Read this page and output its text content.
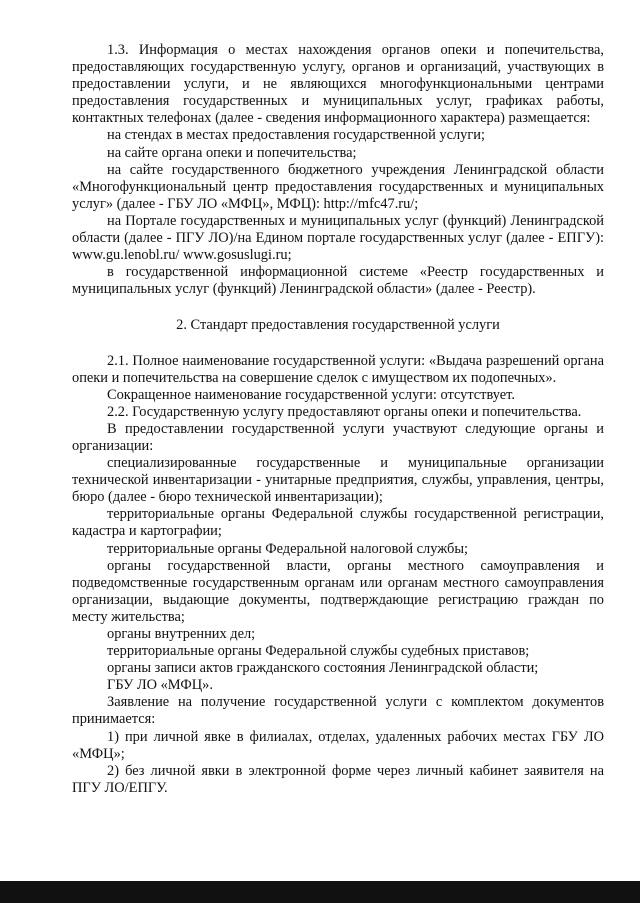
1.3. Информация о местах нахождения органов опеки и попечительства, предоставляющих государственную услугу, органов и организаций, участвующих в предоставлении услуги, и не являющихся многофункциональными центрами предоставления государственных и муниципальных услуг, графиках работы, контактных телефонах (далее - сведения информационного характера) размещается:

на стендах в местах предоставления государственной услуги;

на сайте органа опеки и попечительства;

на сайте государственного бюджетного учреждения Ленинградской области «Многофункциональный центр предоставления государственных и муниципальных услуг» (далее - ГБУ ЛО «МФЦ», МФЦ): http://mfc47.ru/;

на Портале государственных и муниципальных услуг (функций) Ленинградской области (далее - ПГУ ЛО)/на Едином портале государственных услуг (далее - ЕПГУ): www.gu.lenobl.ru/ www.gosuslugi.ru;

в государственной информационной системе «Реестр государственных и муниципальных услуг (функций) Ленинградской области» (далее - Реестр).

2. Стандарт предоставления государственной услуги

2.1. Полное наименование государственной услуги: «Выдача разрешений органа опеки и попечительства на совершение сделок с имуществом их подопечных».

Сокращенное наименование государственной услуги: отсутствует.

2.2. Государственную услугу предоставляют органы опеки и попечительства.

В предоставлении государственной услуги участвуют следующие органы и организации:

специализированные государственные и муниципальные организации технической инвентаризации - унитарные предприятия, службы, управления, центры, бюро (далее - бюро технической инвентаризации);

территориальные органы Федеральной службы государственной регистрации, кадастра и картографии;

территориальные органы Федеральной налоговой службы;

органы государственной власти, органы местного самоуправления и подведомственные государственным органам или органам местного самоуправления организации, выдающие документы, подтверждающие регистрацию граждан по месту жительства;

органы внутренних дел;

территориальные органы Федеральной службы судебных приставов;

органы записи актов гражданского состояния Ленинградской области;

ГБУ ЛО «МФЦ».

Заявление на получение государственной услуги с комплектом документов принимается:

1) при личной явке в филиалах, отделах, удаленных рабочих местах ГБУ ЛО «МФЦ»;

2) без личной явки в электронной форме через личный кабинет заявителя на ПГУ ЛО/ЕПГУ.
